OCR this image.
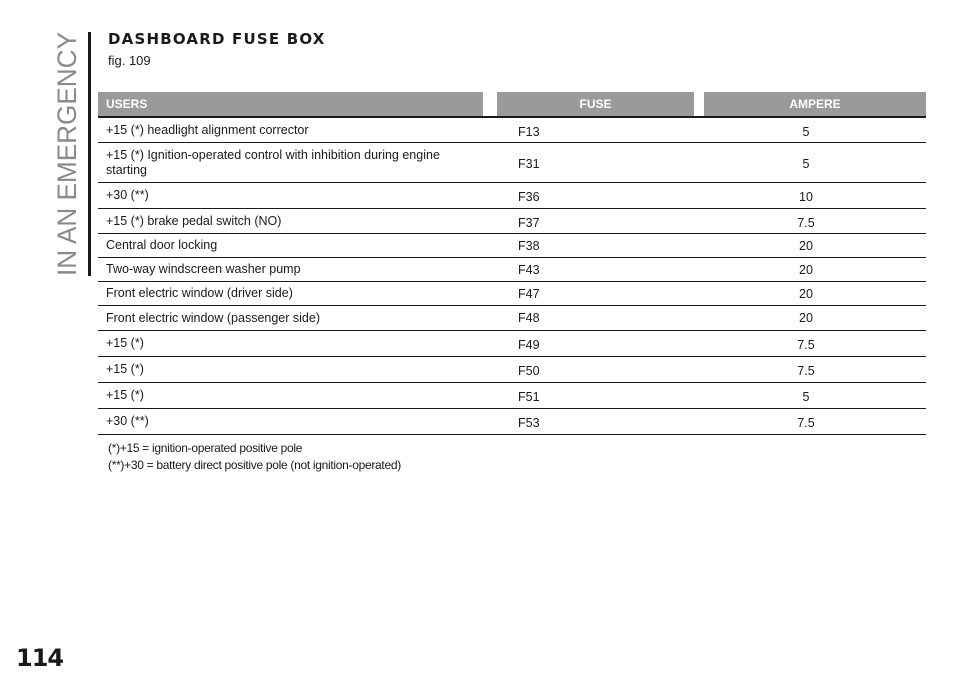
IN AN EMERGENCY DASHBOARD FUSE BOX
fig. 109
USERS	FUSE	AMPERE
+15 (*) headlight alignment corrector	F13	5
+15 (*) Ignition-operated control with inhibition during engine starting	F31	5
+30 (**)	F36	10
+15 (*) brake pedal switch (NO)	F37	7.5
Central door locking	F38	20
Two-way windscreen washer pump	F43	20
Front electric window (driver side)	F47	20
Front electric window (passenger side)	F48	20
+15 (*)	F49	7.5
+15 (*)	F50	7.5
+15 (*)	F51	5
+30 (**)	F53	7.5
(*)+15 = ignition-operated positive pole
(**)+30 = battery direct positive pole (not ignition-operated)
114
